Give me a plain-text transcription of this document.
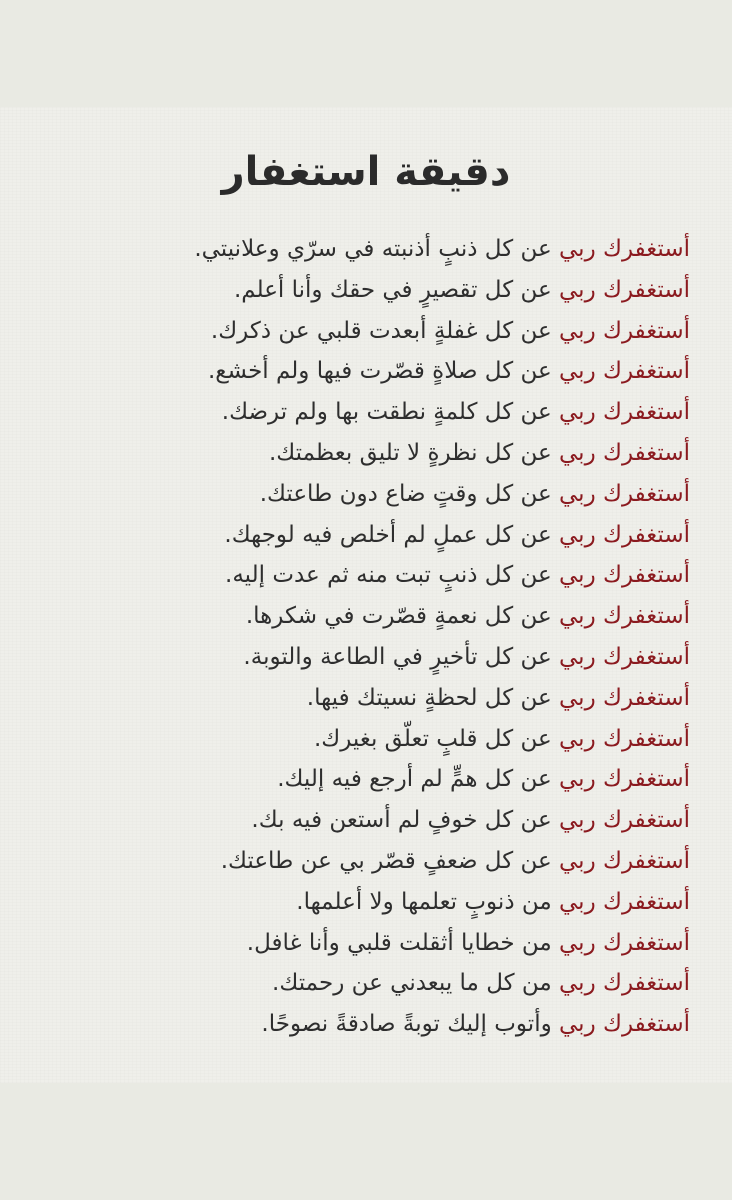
دقيقة استغفار
أستغفرك ربي عن كل ذنبٍ أذنبته في سرّي وعلانيتي.
أستغفرك ربي عن كل تقصيرٍ في حقك وأنا أعلم.
أستغفرك ربي عن كل غفلةٍ أبعدت قلبي عن ذكرك.
أستغفرك ربي عن كل صلاةٍ قصّرت فيها ولم أخشع.
أستغفرك ربي عن كل كلمةٍ نطقت بها ولم ترضك.
أستغفرك ربي عن كل نظرةٍ لا تليق بعظمتك.
أستغفرك ربي عن كل وقتٍ ضاع دون طاعتك.
أستغفرك ربي عن كل عملٍ لم أخلص فيه لوجهك.
أستغفرك ربي عن كل ذنبٍ تبت منه ثم عدت إليه.
أستغفرك ربي عن كل نعمةٍ قصّرت في شكرها.
أستغفرك ربي عن كل تأخيرٍ في الطاعة والتوبة.
أستغفرك ربي عن كل لحظةٍ نسيتك فيها.
أستغفرك ربي عن كل قلبٍ تعلّق بغيرك.
أستغفرك ربي عن كل همٍّ لم أرجع فيه إليك.
أستغفرك ربي عن كل خوفٍ لم أستعن فيه بك.
أستغفرك ربي عن كل ضعفٍ قصّر بي عن طاعتك.
أستغفرك ربي من ذنوبٍ تعلمها ولا أعلمها.
أستغفرك ربي من خطايا أثقلت قلبي وأنا غافل.
أستغفرك ربي من كل ما يبعدني عن رحمتك.
أستغفرك ربي وأتوب إليك توبةً صادقةً نصوحًا.
